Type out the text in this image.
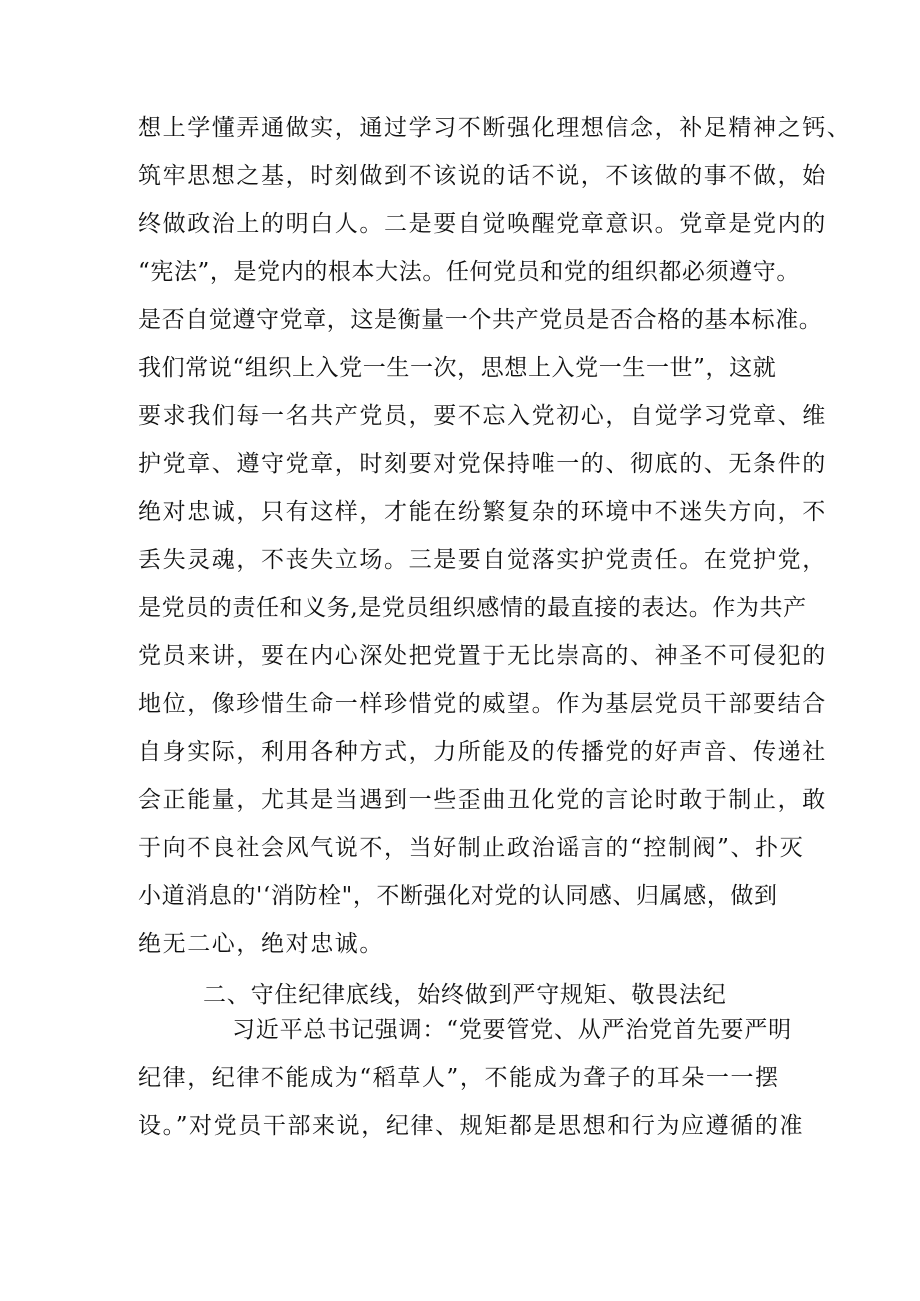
想上学懂弄通做实，通过学习不断强化理想信念，补足精神之钙、
筑牢思想之基，时刻做到不该说的话不说，不该做的事不做，始
终做政治上的明白人。二是要自觉唤醒党章意识。党章是党内的
“宪法”，是党内的根本大法。任何党员和党的组织都必须遵守。
是否自觉遵守党章，这是衡量一个共产党员是否合格的基本标准。
我们常说“组织上入党一生一次，思想上入党一生一世”，这就
要求我们每一名共产党员，要不忘入党初心，自觉学习党章、维
护党章、遵守党章，时刻要对党保持唯一的、彻底的、无条件的
绝对忠诚，只有这样，才能在纷繁复杂的环境中不迷失方向，不
丢失灵魂，不丧失立场。三是要自觉落实护党责任。在党护党，
是党员的责任和义务,是党员组织感情的最直接的表达。作为共产
党员来讲，要在内心深处把党置于无比崇高的、神圣不可侵犯的
地位，像珍惜生命一样珍惜党的威望。作为基层党员干部要结合
自身实际，利用各种方式，力所能及的传播党的好声音、传递社
会正能量，尤其是当遇到一些歪曲丑化党的言论时敢于制止，敢
于向不良社会风气说不，当好制止政治谣言的“控制阀”、扑灭
小道消息的'‘消防栓"，不断强化对党的认同感、归属感，做到
绝无二心，绝对忠诚。
二、守住纪律底线，始终做到严守规矩、敬畏法纪
习近平总书记强调：“党要管党、从严治党首先要严明
纪律，纪律不能成为“稻草人”，不能成为聋子的耳朵一一摆
设。”对党员干部来说，纪律、规矩都是思想和行为应遵循的准
